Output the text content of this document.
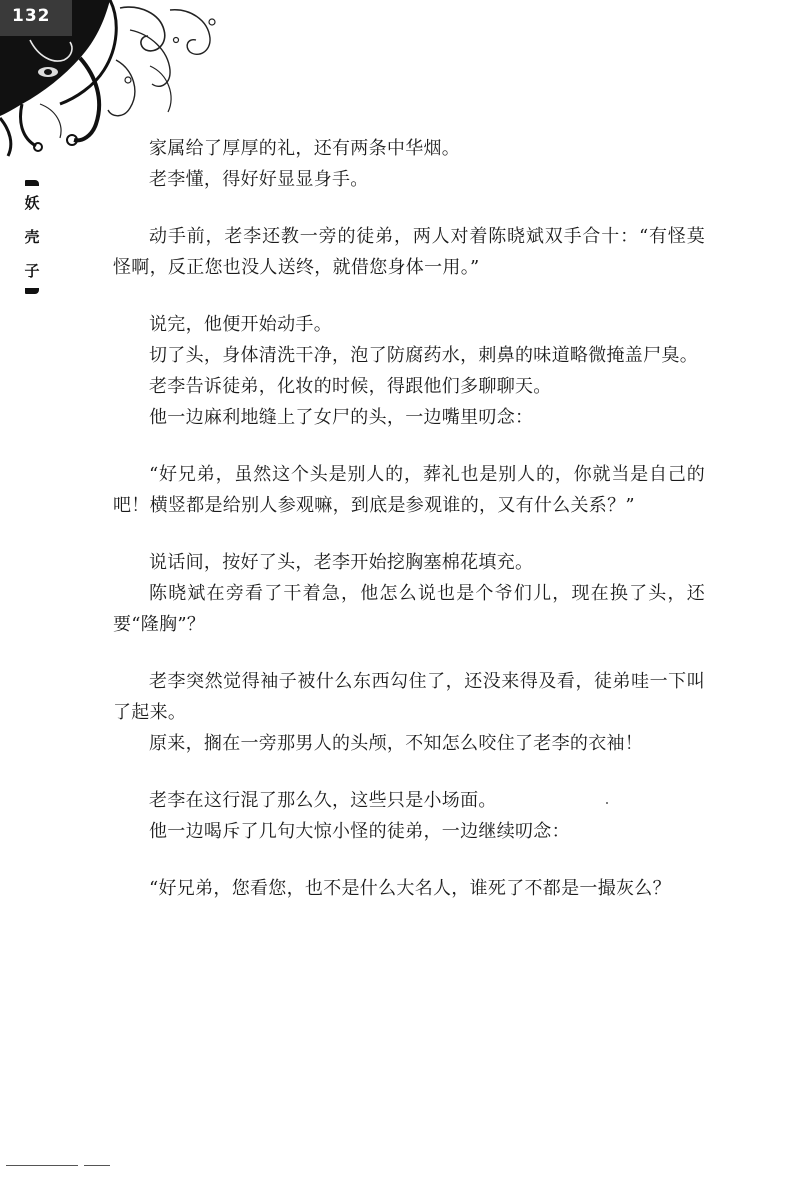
132
妖
壳
子

家属给了厚厚的礼，还有两条中华烟。

老李懂，得好好显显身手。

动手前，老李还教一旁的徒弟，两人对着陈晓斌双手合十：“有怪莫怪啊，反正您也没人送终，就借您身体一用。”

说完，他便开始动手。

切了头，身体清洗干净，泡了防腐药水，刺鼻的味道略微掩盖尸臭。

老李告诉徒弟，化妆的时候，得跟他们多聊聊天。

他一边麻利地缝上了女尸的头，一边嘴里叨念：

“好兄弟，虽然这个头是别人的，葬礼也是别人的，你就当是自己的吧！横竖都是给别人参观嘛，到底是参观谁的，又有什么关系？”

说话间，按好了头，老李开始挖胸塞棉花填充。

陈晓斌在旁看了干着急，他怎么说也是个爷们儿，现在换了头，还要“隆胸”？

老李突然觉得袖子被什么东西勾住了，还没来得及看，徒弟哇一下叫了起来。

原来，搁在一旁那男人的头颅，不知怎么咬住了老李的衣袖！

老李在这行混了那么久，这些只是小场面。

他一边喝斥了几句大惊小怪的徒弟，一边继续叨念：

“好兄弟，您看您，也不是什么大名人，谁死了不都是一撮灰么？
